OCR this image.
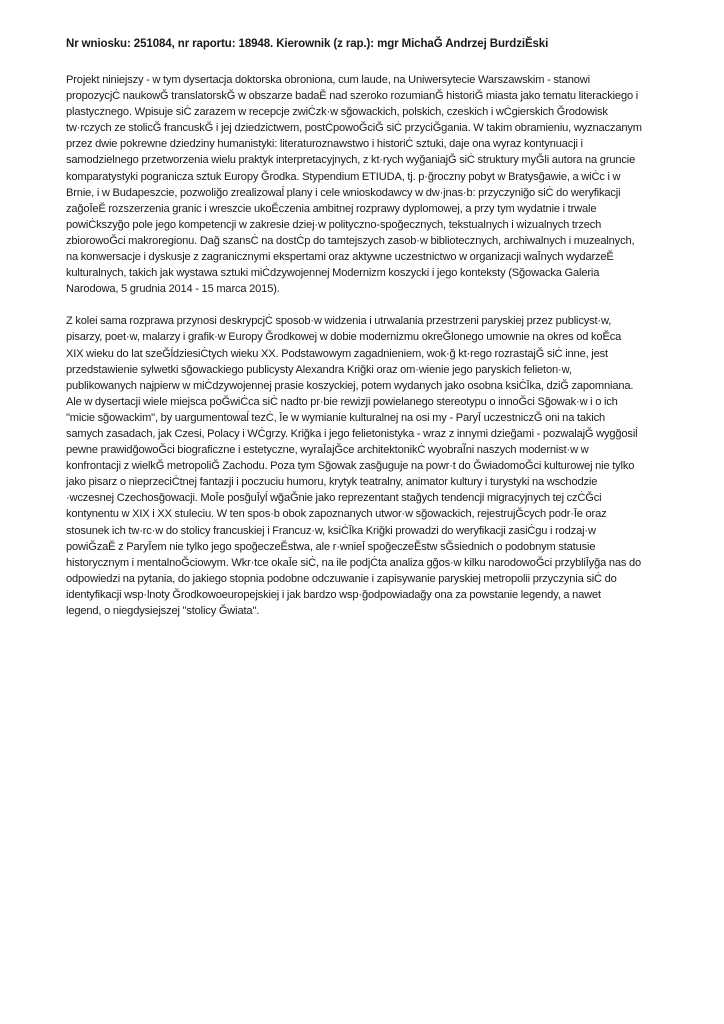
Nr wniosku: 251084, nr raportu: 18948. Kierownik (z rap.): mgr MichaĞ Andrzej BurdziĔski
Projekt niniejszy - w tym dysertacja doktorska obroniona, cum laude, na Uniwersytecie Warszawskim - stanowi
propozycjĊ naukowĞ translatorskĞ w obszarze badaĔ nad szeroko rozumianĞ historiĞ miasta jako tematu literackiego i
plastycznego. Wpisuje siĊ zarazem w recepcje zwiĊzk·w sğowackich, polskich, czeskich i wĊgierskich Ğrodowisk
tw·rczych ze stolicĞ francuskĞ i jej dziedzictwem, postĊpowoĞciĞ siĊ przyciĞgania. W takim obramieniu, wyznaczanym
przez dwie pokrewne dziedziny humanistyki: literaturoznawstwo i historiĊ sztuki, daje ona wyraz kontynuacji i
samodzielnego przetworzenia wielu praktyk interpretacyjnych, z kt·rych wyğaniajĞ siĊ struktury myĞli autora na gruncie
komparatystyki pogranicza sztuk Europy Ğrodka. Stypendium ETIUDA, tj. p·ğroczny pobyt w Bratysğawie, a wiĊc i w
Brnie, i w Budapeszcie, pozwoliğo zrealizowaĺ plany i cele wnioskodawcy w dw·jnas·b: przyczyniğo siĊ do weryfikacji
zağoĪeĔ rozszerzenia granic i wreszcie ukoĔczenia ambitnej rozprawy dyplomowej, a przy tym wydatnie i trwale
powiĊkszyğo pole jego kompetencji w zakresie dziej·w polityczno-spoğecznych, tekstualnych i wizualnych trzech
zbiorowoĞci makroregionu. Dağ szansĊ na dostĊp do tamtejszych zasob·w bibliotecznych, archiwalnych i muzealnych,
na konwersacje i dyskusje z zagranicznymi ekspertami oraz aktywne uczestnictwo w organizacji waĪnych wydarzeĔ
kulturalnych, takich jak wystawa sztuki miĊdzywojennej Modernizm koszycki i jego konteksty (Sğowacka Galeria
Narodowa, 5 grudnia 2014 - 15 marca 2015).
Z kolei sama rozprawa przynosi deskrypcjĊ sposob·w widzenia i utrwalania przestrzeni paryskiej przez publicyst·w,
pisarzy, poet·w, malarzy i grafik·w Europy Ğrodkowej w dobie modernizmu okreĞlonego umownie na okres od koĔca
XIX wieku do lat szeĞĺdziesiĊtych wieku XX. Podstawowym zagadnieniem, wok·ğ kt·rego rozrastajĞ siĊ inne, jest
przedstawienie sylwetki sğowackiego publicysty Alexandra Kriğki oraz om·wienie jego paryskich felieton·w,
publikowanych najpierw w miĊdzywojennej prasie koszyckiej, potem wydanych jako osobna ksiĊĪka, dziĞ zapomniana.
Ale w dysertacji wiele miejsca poĞwiĊca siĊ nadto pr·bie rewizji powielanego stereotypu o innoĞci Sğowak·w i o ich
"micie sğowackim", by uargumentowaĺ tezĊ, Īe w wymianie kulturalnej na osi my - ParyĪ uczestniczĞ oni na takich
samych zasadach, jak Czesi, Polacy i WĊgrzy. Kriğka i jego felietonistyka - wraz z innymi dzieğami - pozwalajĞ wygğosiĺ
pewne prawidğowoĞci biograficzne i estetyczne, wyraĪajĞce architektonikĊ wyobraĨni naszych modernist·w w
konfrontacji z wielkĞ metropoliĞ Zachodu. Poza tym Sğowak zasğuguje na powr·t do ĞwiadomoĞci kulturowej nie tylko
jako pisarz o nieprzeciĊtnej fantazji i poczuciu humoru, krytyk teatralny, animator kultury i turystyki na wschodzie
·wczesnej Czechosğowacji. MoĪe posğuĪyĺ wğaĞnie jako reprezentant stağych tendencji migracyjnych tej czĊĞci
kontynentu w XIX i XX stuleciu. W ten spos·b obok zapoznanych utwor·w sğowackich, rejestrujĞcych podr·Īe oraz
stosunek ich tw·rc·w do stolicy francuskiej i Francuz·w, ksiĊĪka Kriğki prowadzi do weryfikacji zasiĊgu i rodzaj·w
powiĞzaĔ z ParyĪem nie tylko jego spoğeczeĔstwa, ale r·wnieĪ spoğeczeĔstw sĞsiednich o podobnym statusie
historycznym i mentalnoĞciowym. Wkr·tce okaĪe siĊ, na ile podjĊta analiza gğos·w kilku narodowoĞci przybliĪyğa nas do
odpowiedzi na pytania, do jakiego stopnia podobne odczuwanie i zapisywanie paryskiej metropolii przyczynia siĊ do
identyfikacji wsp·lnoty Ğrodkowoeuropejskiej i jak bardzo wsp·ğodpowiadağy ona za powstanie legendy, a nawet
legend, o niegdysiejszej "stolicy Ğwiata".
